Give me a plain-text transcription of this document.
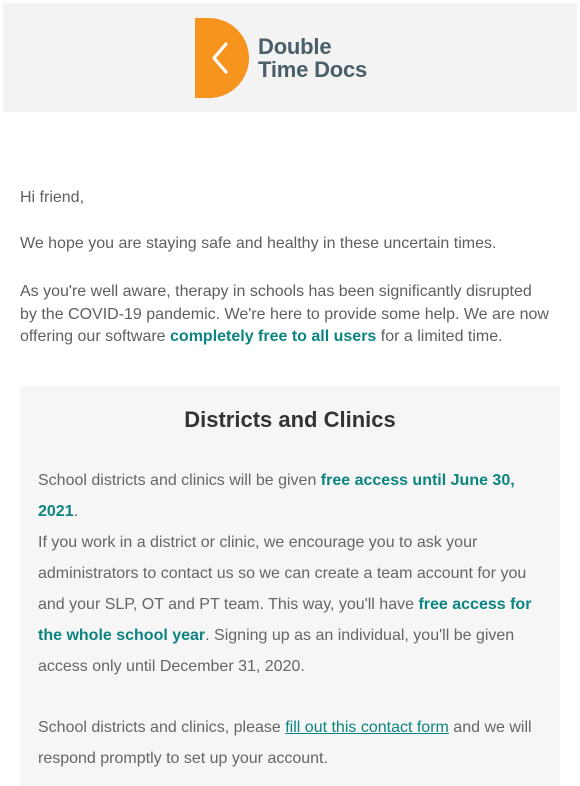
Double
Time Docs
Hi friend,
We hope you are staying safe and healthy in these uncertain times.
As you're well aware, therapy in schools has been significantly disrupted by the COVID-19 pandemic. We're here to provide some help. We are now offering our software completely free to all users for a limited time.
Districts and Clinics
School districts and clinics will be given free access until June 30, 2021.
If you work in a district or clinic, we encourage you to ask your administrators to contact us so we can create a team account for you and your SLP, OT and PT team. This way, you'll have free access for the whole school year. Signing up as an individual, you'll be given access only until December 31, 2020.
School districts and clinics, please fill out this contact form and we will respond promptly to set up your account.
